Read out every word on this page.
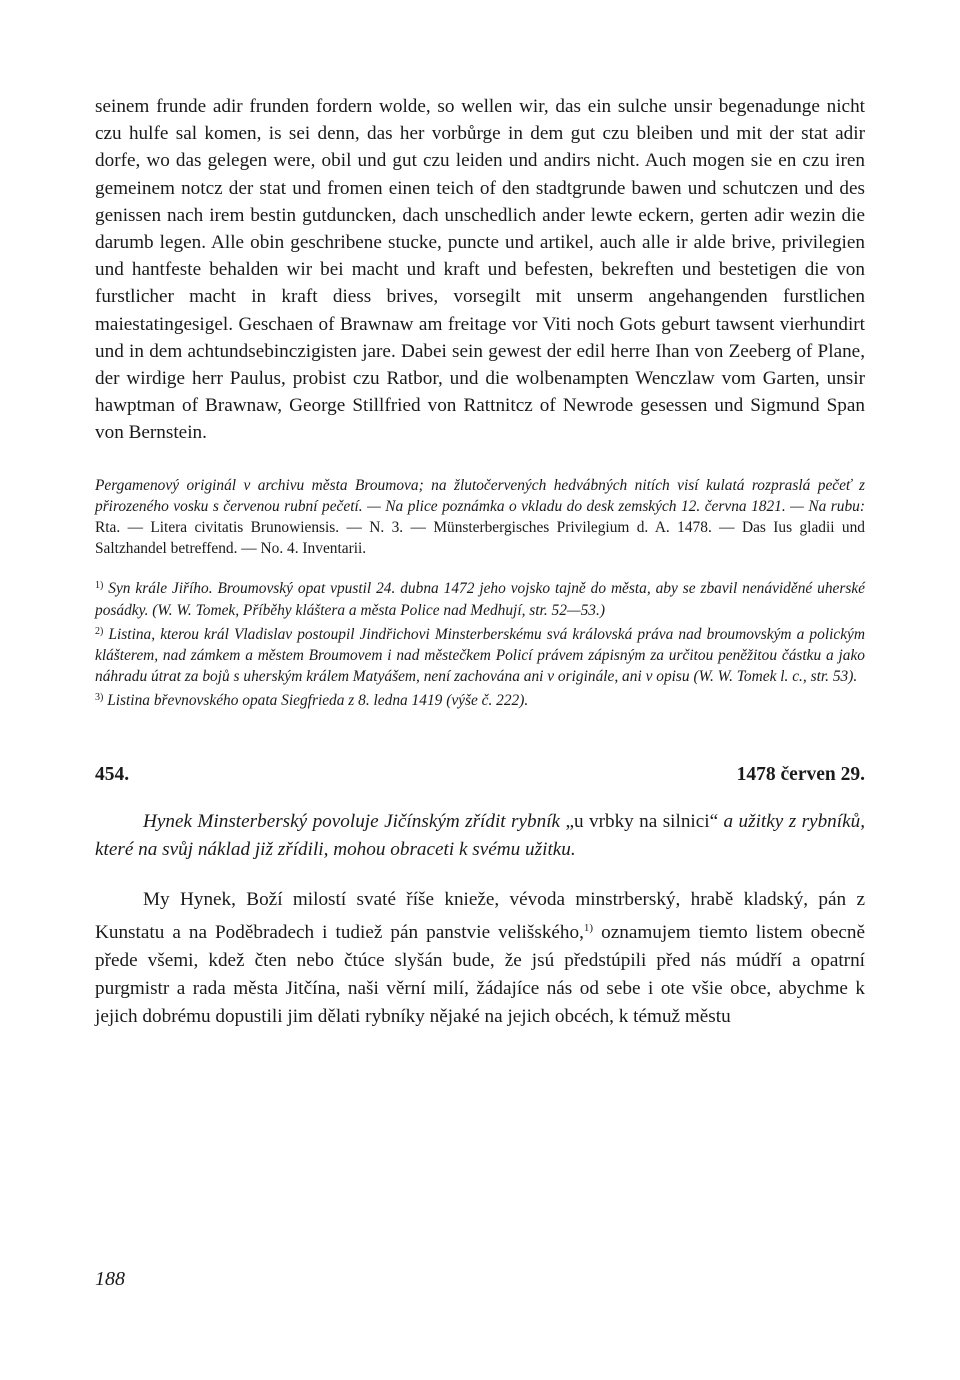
seinem frunde adir frunden fordern wolde, so wellen wir, das ein sulche unsir begenadunge nicht czu hulfe sal komen, is sei denn, das her vorbůrge in dem gut czu bleiben und mit der stat adir dorfe, wo das gelegen were, obil und gut czu leiden und andirs nicht. Auch mogen sie en czu iren gemeinem notcz der stat und fromen einen teich of den stadtgrunde bawen und schutczen und des genissen nach irem bestin gutduncken, dach unschedlich ander lewte eckern, gerten adir wezin die darumb legen. Alle obin geschribene stucke, puncte und artikel, auch alle ir alde brive, privilegien und hantfeste behalden wir bei macht und kraft und befesten, bekreften und bestetigen die von furstlicher macht in kraft diess brives, vorsegilt mit unserm angehangenden furstlichen maiestatingesigel. Geschaen of Brawnaw am freitage vor Viti noch Gots geburt tawsent vierhundirt und in dem achtundsebinczigisten jare. Dabei sein gewest der edil herre Ihan von Zeeberg of Plane, der wirdige herr Paulus, probist czu Ratbor, und die wolbenampten Wenczlaw vom Garten, unsir hawptman of Brawnaw, George Stillfried von Rattnitcz of Newrode gesessen und Sigmund Span von Bernstein.

Pergamenový originál v archivu města Broumova; na žlutočervených hedvábných nitích visí kulatá rozpraslá pečeť z přirozeného vosku s červenou rubní pečetí. — Na plice poznámka o vkladu do desk zemských 12. června 1821. — Na rubu: Rta. — Litera civitatis Brunowiensis. — N. 3. — Münsterbergisches Privilegium d. A. 1478. — Das Ius gladii und Saltzhandel betreffend. — No. 4. Inventarii.

$^{1)}$ Syn krále Jiřího. Broumovský opat vpustil 24. dubna 1472 jeho vojsko tajně do města, aby se zbavil nenáviděné uherské posádky. (W. W. Tomek, Příběhy kláštera a města Police nad Medhují, str. 52—53.)

$^{2)}$ Listina, kterou král Vladislav postoupil Jindřichovi Minsterberskému svá královská práva nad broumovským a polickým klášterem, nad zámkem a městem Broumovem i nad městečkem Policí právem zápisným za určitou peněžitou částku a jako náhradu útrat za bojů s uherským králem Matyášem, není zachována ani v originále, ani v opisu (W. W. Tomek l. c., str. 53).

$^{3)}$ Listina břevnovského opata Siegfrieda z 8. ledna 1419 (výše č. 222).

454.	1478 červen 29.

Hynek Minsterberský povoluje Jičínským zřídit rybník „u vrbky na silnici“ a užitky z rybníků, které na svůj náklad již zřídili, mohou obraceti k svému užitku.

My Hynek, Boží milostí svaté říše knieže, vévoda minstrberský, hrabě kladský, pán z Kunstatu a na Poděbradech i tudiež pán panstvie velišského,$^{1)}$ oznamujem tiemto listem obecně přede všemi, kdež čten nebo čtúce slyšán bude, že jsú předstúpili před nás múdří a opatrní purgmistr a rada města Jitčína, naši věrní milí, žádajíce nás od sebe i ote všie obce, abychme k jejich dobrému dopustili jim dělati rybníky nějaké na jejich obcéch, k témuž městu

188
